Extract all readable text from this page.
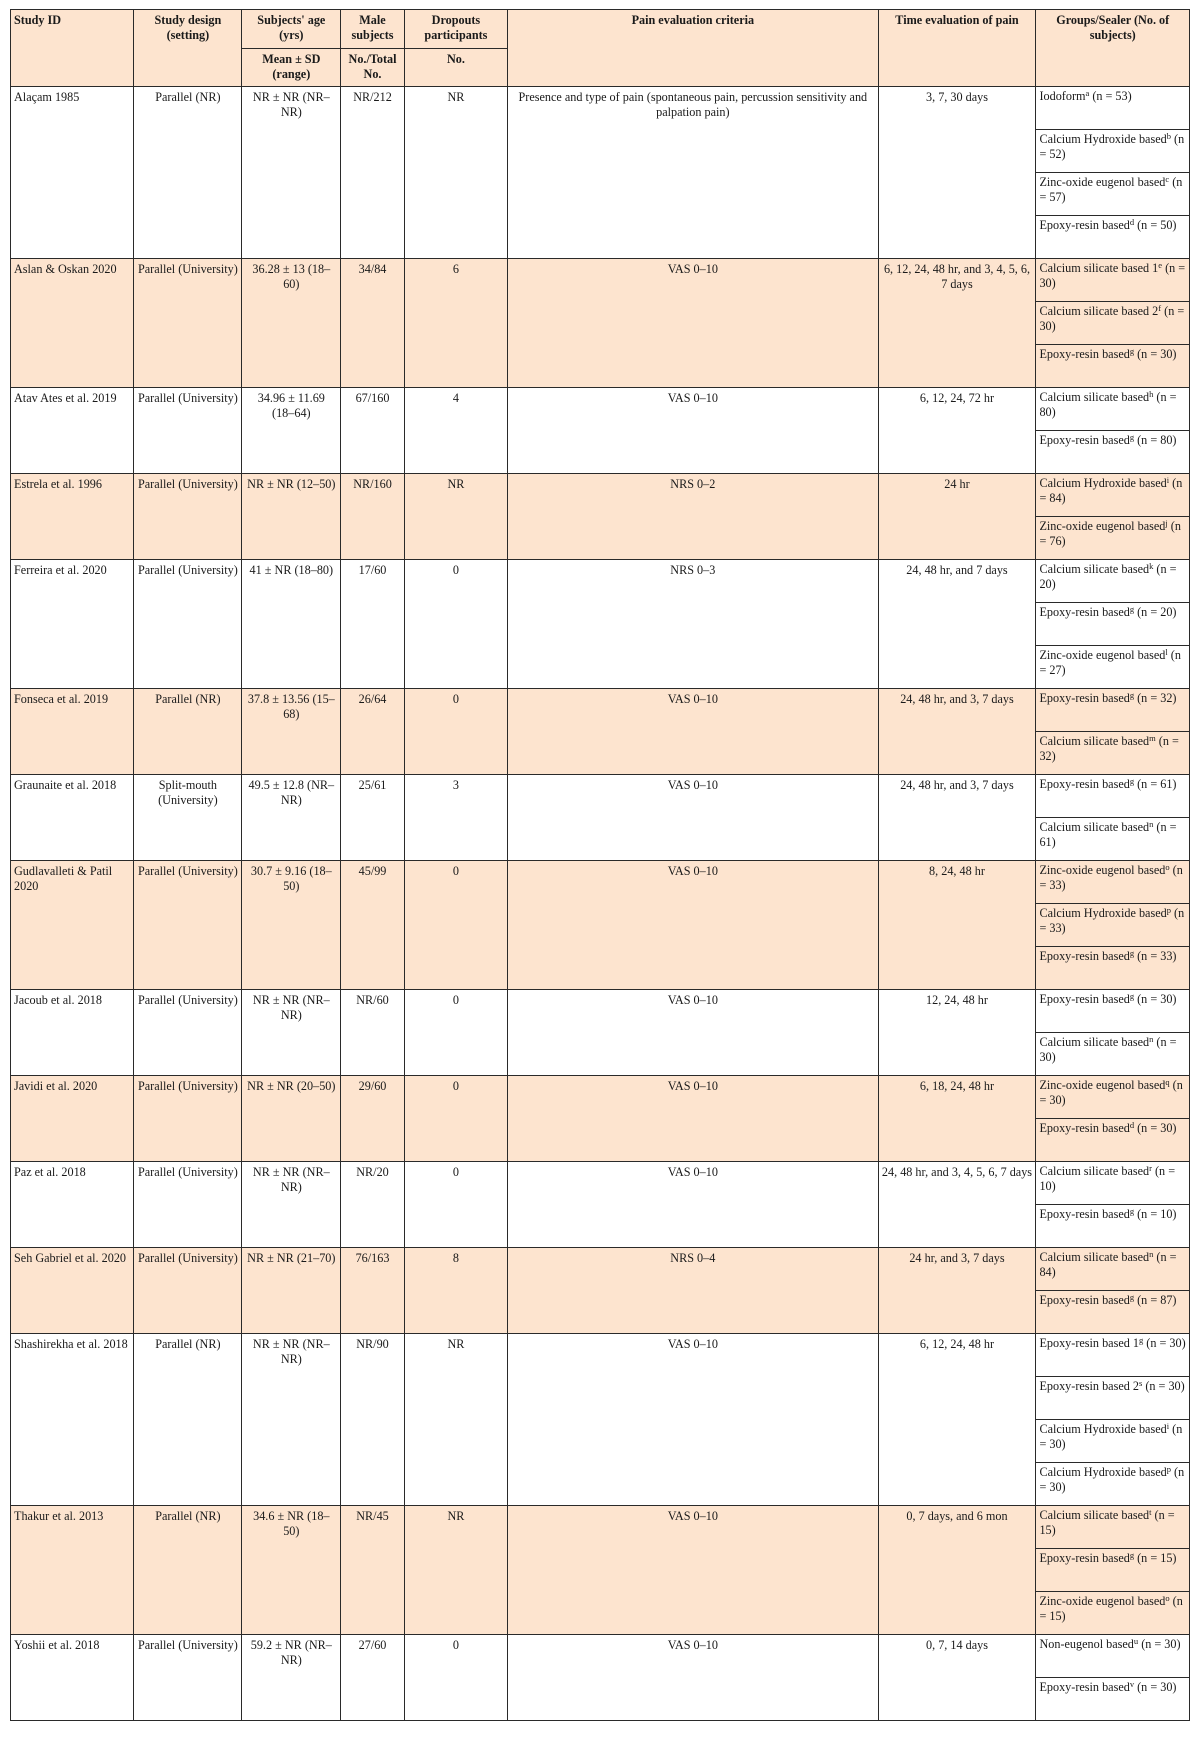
Study ID	Study design (setting)	Subjects' age (yrs)	Male subjects	Dropouts participants	Pain evaluation criteria	Time evaluation of pain	Groups/Sealer (No. of subjects)
		Mean ± SD (range)	No./Total No.	No.			
Alaçam 1985	Parallel (NR)	NR ± NR (NR–NR)	NR/212	NR	Presence and type of pain (spontaneous pain, percussion sensitivity and palpation pain)	3, 7, 30 days	Iodoform$^a$ (n = 53)
							Calcium Hydroxide based$^b$ (n = 52)
							Zinc-oxide eugenol based$^c$ (n = 57)
							Epoxy-resin based$^d$ (n = 50)
Aslan & Oskan 2020	Parallel (University)	36.28 ± 13 (18–60)	34/84	6	VAS 0–10	6, 12, 24, 48 hr, and 3, 4, 5, 6, 7 days	Calcium silicate based 1e (n = 30)
							Calcium silicate based 2$^f$ (n = 30)
							Epoxy-resin based$^g$ (n = 30)
Atav Ates et al. 2019	Parallel (University)	34.96 ± 11.69 (18–64)	67/160	4	VAS 0–10	6, 12, 24, 72 hr	Calcium silicate based$^h$ (n = 80)
							Epoxy-resin based$^g$ (n = 80)
Estrela et al. 1996	Parallel (University)	NR ± NR (12–50)	NR/160	NR	NRS 0–2	24 hr	Calcium Hydroxide based$^i$ (n = 84)
							Zinc-oxide eugenol based$^j$ (n = 76)
Ferreira et al. 2020	Parallel (University)	41 ± NR (18–80)	17/60	0	NRS 0–3	24, 48 hr, and 7 days	Calcium silicate based$^k$ (n = 20)
							Epoxy-resin based$^g$ (n = 20)
							Zinc-oxide eugenol based$^l$ (n = 27)
Fonseca et al. 2019	Parallel (NR)	37.8 ± 13.56 (15–68)	26/64	0	VAS 0–10	24, 48 hr, and 3, 7 days	Epoxy-resin based$^g$ (n = 32)
							Calcium silicate based$^m$ (n = 32)
Graunaite et al. 2018	Split-mouth (University)	49.5 ± 12.8 (NR–NR)	25/61	3	VAS 0–10	24, 48 hr, and 3, 7 days	Epoxy-resin based$^g$ (n = 61)
							Calcium silicate based$^n$ (n = 61)
Gudlavalleti & Patil 2020	Parallel (University)	30.7 ± 9.16 (18–50)	45/99	0	VAS 0–10	8, 24, 48 hr	Zinc-oxide eugenol based$^o$ (n = 33)
							Calcium Hydroxide based$^p$ (n = 33)
							Epoxy-resin based$^g$ (n = 33)
Jacoub et al. 2018	Parallel (University)	NR ± NR (NR–NR)	NR/60	0	VAS 0–10	12, 24, 48 hr	Epoxy-resin based$^g$ (n = 30)
							Calcium silicate based$^n$ (n = 30)
Javidi et al. 2020	Parallel (University)	NR ± NR (20–50)	29/60	0	VAS 0–10	6, 18, 24, 48 hr	Zinc-oxide eugenol based$^q$ (n = 30)
							Epoxy-resin based$^d$ (n = 30)
Paz et al. 2018	Parallel (University)	NR ± NR (NR–NR)	NR/20	0	VAS 0–10	24, 48 hr, and 3, 4, 5, 6, 7 days	Calcium silicate based$^r$ (n = 10)
							Epoxy-resin based$^g$ (n = 10)
Seh Gabriel et al. 2020	Parallel (University)	NR ± NR (21–70)	76/163	8	NRS 0–4	24 hr, and 3, 7 days	Calcium silicate based$^n$ (n = 84)
							Epoxy-resin based$^g$ (n = 87)
Shashirekha et al. 2018	Parallel (NR)	NR ± NR (NR–NR)	NR/90	NR	VAS 0–10	6, 12, 24, 48 hr	Epoxy-resin based 1$^g$ (n = 30)
							Epoxy-resin based 2$^s$ (n = 30)
							Calcium Hydroxide based$^i$ (n = 30)
							Calcium Hydroxide based$^p$ (n = 30)
Thakur et al. 2013	Parallel (NR)	34.6 ± NR (18–50)	NR/45	NR	VAS 0–10	0, 7 days, and 6 mon	Calcium silicate based$^t$ (n = 15)
							Epoxy-resin based$^g$ (n = 15)
							Zinc-oxide eugenol based$^o$ (n = 15)
Yoshii et al. 2018	Parallel (University)	59.2 ± NR (NR–NR)	27/60	0	VAS 0–10	0, 7, 14 days	Non-eugenol based$^u$ (n = 30)
							Epoxy-resin based$^v$ (n = 30)
